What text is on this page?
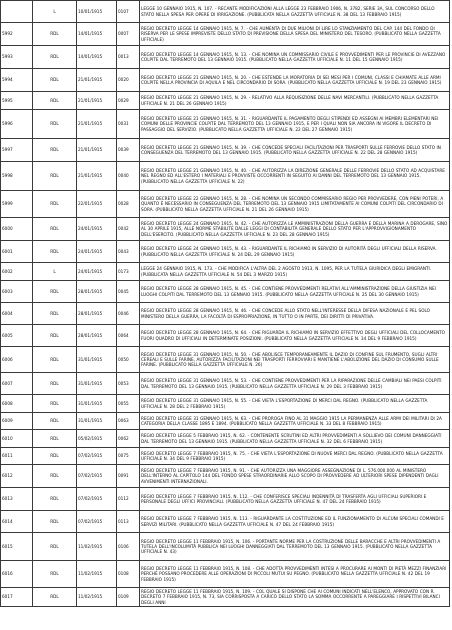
	L	10/01/1915	0107	LEGGE 10 GENNAIO 1915, N. 107. - RECANTE MODIFICAZIONI ALLA LEGGE 23 FEBBRAIO 1906, N. 3782, SERIE 3A, SUL CONCORSO DELLO STATO NELLA SPESA PER OPERE DI IRRIGAZIONE. (PUBBLICATA NELLA GAZZETTA UFFICIALE N. 38 DEL 13 FEBBRAIO 1915)
5992	RDL	14/01/1915	0007	REGIO DECRETO LEGGE 14 GENNAIO 1915, N. 7. - CHE AUMENTA DI DUE MILIONI DI LIRE LO STANZIAMENTO DEL CAP. 144 DEL FONDO DI RISERVA PER LE SPESE IMPREVISTE DELLO STATO DI PREVISIONE DELLA SPESA DEL MINISTERO DEL TESORO. (PUBBLICATO NELLA GAZZETTA UFFICIALE)
5993	RDL	14/01/1915	0013	REGIO DECRETO LEGGE 14 GENNAIO 1915, N. 13. - CHE NOMINA UN COMMISSARIO CIVILE E PROVVEDIMENTI PER LE PROVINCIE DI AVEZZANO COLPITE DAL TERREMOTO DEL 13 GENNAIO 1915. (PUBBLICATO NELLA GAZZETTA UFFICIALE N. 11 DEL 15 GENNAIO 1915)
5994	RDL	21/01/1915	0020	REGIO DECRETO LEGGE 21 GENNAIO 1915, N. 20. - CHE ESTENDE LA MORATORIA DI SEI MESI PER I COMUNI, CLASSI E CHIAMATE ALLE ARMI COLPITE NELLA PROVINCIA DI AQUILA E NEL CIRCONDARIO DI SORA. (PUBBLICATO NELLA GAZZETTA UFFICIALE N. 19 DEL 23 GENNAIO 1915)
5995	RDL	21/01/1915	0029	REGIO DECRETO LEGGE 21 GENNAIO 1915, N. 29. - RELATIVO ALLA REQUISIZIONE DELLE NAVI MERCANTILI. (PUBBLICATO NELLA GAZZETTA UFFICIALE N. 21 DEL 26 GENNAIO 1915)
5996	RDL	21/01/1915	0031	REGIO DECRETO LEGGE 21 GENNAIO 1915, N. 31. - RIGUARDANTE IL PAGAMENTO DEGLI STIPENDI ED ASSEGNI AI MEMBRI ELEMENTARI NEI COMUNI DELLE PROVINCIE COLPITE DAL TERREMOTO DEL 13 GENNAIO 1915, E PER I QUALI NON SIA ANCORA IN VIGORE IL DECRETO DI PASSAGGIO DEL SERVIZIO. (PUBBLICATO NELLA GAZZETTA UFFICIALE N. 22 DEL 27 GENNAIO 1915)
5997	RDL	21/01/1915	0039	REGIO DECRETO LEGGE 21 GENNAIO 1915, N. 39. - CHE CONCEDE SPECIALI FACILITAZIONI PER TRASPORTI SULLE FERROVIE DELLO STATO IN CONSEGUENZA DEL TERREMOTO DEL 13 GENNAIO 1915. (PUBBLICATO NELLA GAZZETTA UFFICIALE N. 22 DEL 28 GENNAIO 1915)
5998	RDL	21/01/1915	0040	REGIO DECRETO LEGGE 21 GENNAIO 1915, N. 40. - CHE AUTORIZZA LA DIREZIONE GENERALE DELLE FERROVIE DELLO STATO AD ACQUISTARE NEL REGNO ED ALL'ESTERO I MATERIALI E PROVVISTE OCCORRENTI IN SEGUITO AI DANNI DEL TERREMOTO DEL 13 GENNAIO 1915. (PUBBLICATO NELLA GAZZETTA UFFICIALE N. 22)
5999	RDL	22/01/1915	0028	REGIO DECRETO LEGGE 22 GENNAIO 1915, N. 28. - CHE NOMINA UN SECONDO COMMISSARIO REGIO PER PROVVEDERE, CON PIENI POTERI, A QUANTO È NECESSARIO IN CONSEGUENZA DEL TERREMOTO DEL 13 GENNAIO 1915 LIMITATAMENTE AI COMUNI COLPITI DEL CIRCONDARIO DI SORA. (PUBBLICATO NELLA GAZZETTA UFFICIALE N. 21 DEL 26 GENNAIO 1915)
6000	RDL	24/01/1915	0042	REGIO DECRETO LEGGE 24 GENNAIO 1915, N. 42. - CHE AUTORIZZA LE AMMINISTRAZIONI DELLA GUERRA E DELLA MARINA A DEROGARE, SINO AL 30 APRILE 1915, ALLE NORME STABILITE DALLE LEGGI DI CONTABILITÀ GENERALE DELLO STATO PER L'APPROVVIGIONAMENTO DELL'ESERCITO. (PUBBLICATO NELLA GAZZETTA UFFICIALE N. 23 DEL 28 GENNAIO 1915)
6001	RDL	24/01/1915	0043	REGIO DECRETO LEGGE 24 GENNAIO 1915, N. 43. - RIGUARDANTE IL RICHIAMO IN SERVIZIO DI AUTORITÀ DEGLI UFFICIALI DELLA RISERVA. (PUBBLICATO NELLA GAZZETTA UFFICIALE N. 24 DEL 29 GENNAIO 1915)
6002	L	24/01/1915	0173	LEGGE 24 GENNAIO 1915, N. 173. - CHE MODIFICA L'ALTRA DEL 2 AGOSTO 1913, N. 1095, PER LA TUTELA GIURIDICA DEGLI EMIGRANTI. (PUBBLICATA NELLA GAZZETTA UFFICIALE N. 54 DEL 3 MARZO 1915)
6003	RDL	28/01/1915	0045	REGIO DECRETO LEGGE 28 GENNAIO 1915, N. 45. - CHE CONTIENE PROVVEDIMENTI RELATIVI ALL'AMMINISTRAZIONE DELLA GIUSTIZIA NEI LUOGHI COLPITI DAL TERREMOTO DEL 13 GENNAIO 1915. (PUBBLICATO NELLA GAZZETTA UFFICIALE N. 25 DEL 30 GENNAIO 1915)
6004	RDL	28/01/1915	0046	REGIO DECRETO LEGGE 28 GENNAIO 1915, N. 46. - CHE CONCEDE ALLO STATO NELL'INTERESSE DELLA DIFESA NAZIONALE E PEL SOLO MINISTERO DELLA GUERRA, LA FACOLTÀ DI ESPROPRIAZIONE, IN TUTTO O IN PARTE, DEI DIRITTI DI PRIVATIVA.
6005	RDL	28/01/1915	0064	REGIO DECRETO LEGGE 28 GENNAIO 1915, N. 64. - CHE RIGUARDA IL RICHIAMO IN SERVIZIO EFFETTIVO DEGLI UFFICIALI DEL COLLOCAMENTO FUORI QUADRO DI UFFICIALI IN DETERMINATE POSIZIONI. (PUBBLICATO NELLA GAZZETTA UFFICIALE N. 34 DEL 9 FEBBRAIO 1915)
6006	RDL	31/01/1915	0050	REGIO DECRETO LEGGE 31 GENNAIO 1915, N. 50. - CHE ABOLISCE TEMPORANEAMENTE IL DAZIO DI CONFINE SUL FRUMENTO, SUGLI ALTRI CEREALI E SULLE FARINE, AUTORIZZA FACILITAZIONI NEI TRASPORTI FERROVIARI E MANTIENE L'ABOLIZIONE DEL DAZIO DI CONSUMO SULLE FARINE. (PUBBLICATO NELLA GAZZETTA UFFICIALE N. 26)
6007	RDL	31/01/1915	0053	REGIO DECRETO LEGGE 31 GENNAIO 1915, N. 53. - CHE CONTIENE PROVVEDIMENTI PER LA RIPARAZIONE DELLE CAMBIALI NEI PAESI COLPITI DAL TERREMOTO DEL 13 GENNAIO 1915. (PUBBLICATO NELLA GAZZETTA UFFICIALE N. 29 DEL 3 FEBBRAIO 1915)
6008	RDL	31/01/1915	0055	REGIO DECRETO LEGGE 31 GENNAIO 1915, N. 55. - CHE VIETA L'ESPORTAZIONE DI MERCI DAL REGNO. (PUBBLICATO NELLA GAZZETTA UFFICIALE N. 28 DEL 2 FEBBRAIO 1915)
6009	RDL	31/01/1915	0063	REGIO DECRETO LEGGE 31 GENNAIO 1915, N. 63. - CHE PROROGA FINO AL 31 MAGGIO 1915 LA PERMANENZA ALLE ARMI DEI MILITARI DI 2A CATEGORIA DELLA CLASSE 1895 E 1894. (PUBBLICATO NELLA GAZZETTA UFFICIALE N. 33 DEL 8 FEBBRAIO 1915)
6010	RDL	05/02/1915	0062	REGIO DECRETO LEGGE 5 FEBBRAIO 1915, N. 62. - CONTENENTE SCRUTINI ED ALTRI PROVVEDIMENTI A SOLLIEVO DEI COMUNI DANNEGGIATI DAL TERREMOTO DEL 13 GENNAIO 1915. (PUBBLICATO NELLA GAZZETTA UFFICIALE N. 32 DEL 6 FEBBRAIO 1915)
6011	RDL	07/02/1915	0075	REGIO DECRETO LEGGE 7 FEBBRAIO 1915, N. 75. - CHE VIETA L'ESPORTAZIONE DI NUOVE MERCI DAL REGNO. (PUBBLICATO NELLA GAZZETTA UFFICIALE N. 34 DEL 9 FEBBRAIO 1915)
6012	RDL	07/02/1915	0091	REGIO DECRETO LEGGE 7 FEBBRAIO 1915, N. 91. - CHE AUTORIZZA UNA MAGGIORE ASSEGNAZIONE DI L. 576.000.000 AL MINISTERO DELL'INTERNO AL CAPITOLO 144 DEL FONDO SPESE STRAORDINARIE ALLO SCOPO DI PROVVEDERE AD ULTERIORI SPESE DIPENDENTI DAGLI AVVENIMENTI INTERNAZIONALI.
6013	RDL	07/02/1915	0112	REGIO DECRETO LEGGE 7 FEBBRAIO 1915, N. 112. - CHE CONFERISCE SPECIALI INDENNITÀ DI TRASFERTA AGLI UFFICIALI SUPERIORI E PERSONALE DEGLI UFFICI PROVINCIALI. (PUBBLICATO NELLA GAZZETTA UFFICIALE N. 47 DEL 24 FEBBRAIO 1915)
6014	RDL	07/02/1915	0113	REGIO DECRETO LEGGE 7 FEBBRAIO 1915, N. 113. - RIGUARDANTE LA COSTITUZIONE ED IL FUNZIONAMENTO DI ALCUNI SPECIALI COMANDI E SERVIZI MILITARI. (PUBBLICATO NELLA GAZZETTA UFFICIALE N. 47 DEL 24 FEBBRAIO 1915)
6015	RDL	11/02/1915	0106	REGIO DECRETO LEGGE 11 FEBBRAIO 1915, N. 106. - PORTANTE NORME PER LA COSTRUZIONE DELLE BARACCHE E ALTRI PROVVEDIMENTI A TUTELA DELL'INCOLUMITÀ PUBBLICA NEI LUOGHI DANNEGGIATI DAL TERREMOTO DEL 13 GENNAIO 1915. (PUBBLICATO NELLA GAZZETTA UFFICIALE N. 43)
6016	RDL	11/02/1915	0108	REGIO DECRETO LEGGE 11 FEBBRAIO 1915, N. 108. - CHE ADOTTA PROVVEDIMENTI INTESI A PROCURARE AI MONTI DI PIETÀ MEZZI FINANZIARI PERCHÈ POSSANO PROCEDERE ALLE OPERAZIONI DI PICCOLI MUTUI SU PEGNO. (PUBBLICATO NELLA GAZZETTA UFFICIALE N. 42 DEL 19 FEBBRAIO 1915)
6017	RDL	11/02/1915	0109	REGIO DECRETO LEGGE 11 FEBBRAIO 1915, N. 109. - COL QUALE SI DISPONE CHE AI COMUNI INDICATI NELL'ELENCO, APPROVATO CON R. DECRETO 7 FEBBRAIO 1915, N. 73, SIA CORRISPOSTA A CARICO DELLO STATO LA SOMMA OCCORRENTE A PAREGGIARE I RISPETTIVI BILANCI DEGLI ANNI
